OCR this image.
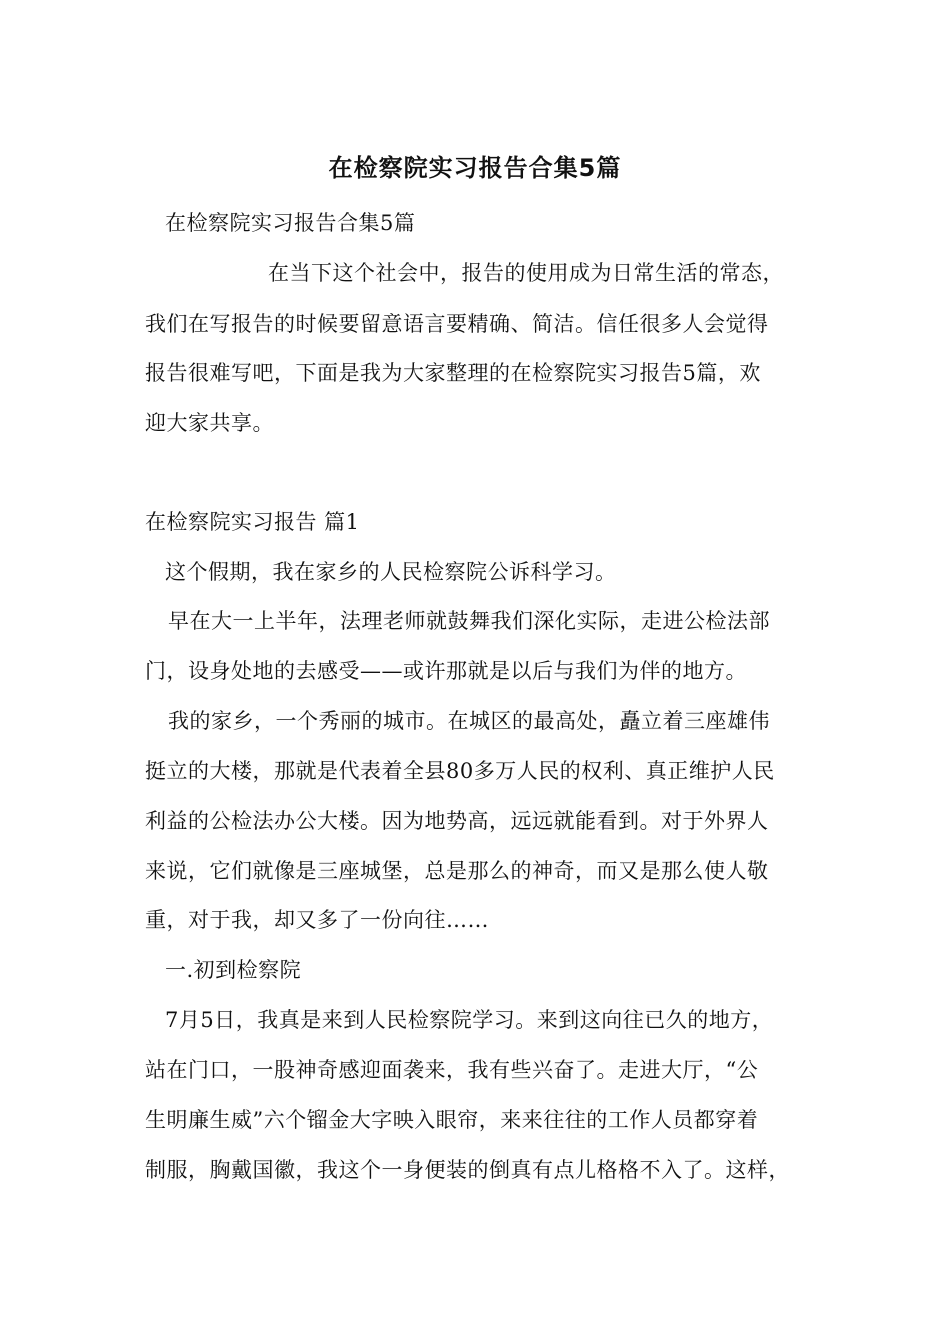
在检察院实习报告合集5篇
在检察院实习报告合集5篇
在当下这个社会中，报告的使用成为日常生活的常态，
我们在写报告的时候要留意语言要精确、简洁。信任很多人会觉得
报告很难写吧，下面是我为大家整理的在检察院实习报告5篇，欢
迎大家共享。
在检察院实习报告 篇1
这个假期，我在家乡的人民检察院公诉科学习。
早在大一上半年，法理老师就鼓舞我们深化实际，走进公检法部
门，设身处地的去感受——或许那就是以后与我们为伴的地方。
我的家乡，一个秀丽的城市。在城区的最高处，矗立着三座雄伟
挺立的大楼，那就是代表着全县80多万人民的权利、真正维护人民
利益的公检法办公大楼。因为地势高，远远就能看到。对于外界人
来说，它们就像是三座城堡，总是那么的神奇，而又是那么使人敬
重，对于我，却又多了一份向往……
一.初到检察院
7月5日，我真是来到人民检察院学习。来到这向往已久的地方，
站在门口，一股神奇感迎面袭来，我有些兴奋了。走进大厅，“公
生明廉生威”六个镏金大字映入眼帘，来来往往的工作人员都穿着
制服，胸戴国徽，我这个一身便装的倒真有点儿格格不入了。这样，
